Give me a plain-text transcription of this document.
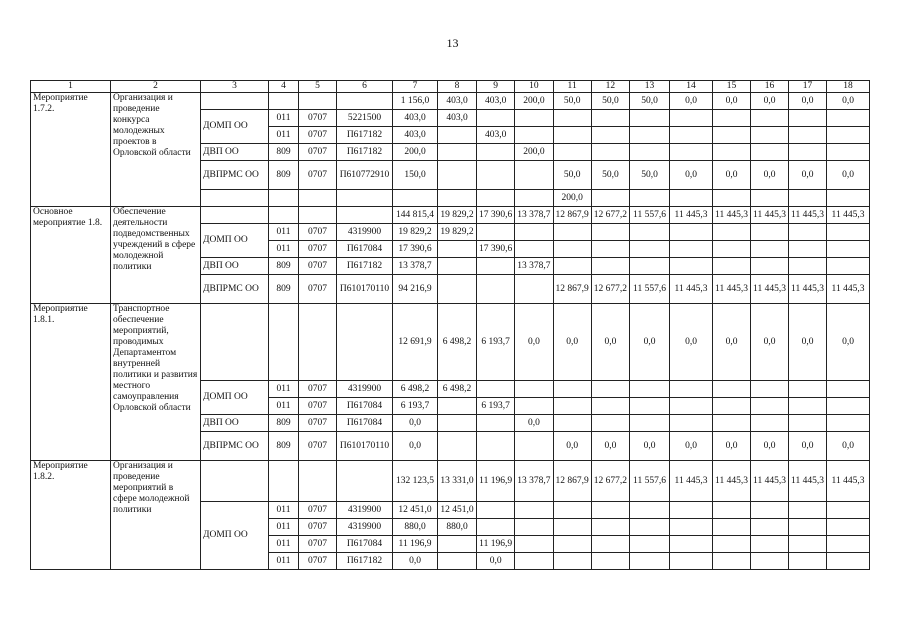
13
1	2	3	4	5	6	7	8	9	10	11	12	13	14	15	16	17	18
Мероприятие 1.7.2.	Организация и проведение конкурса молодежных проектов в Орловской области					1 156,0	403,0	403,0	200,0	50,0	50,0	50,0	0,0	0,0	0,0	0,0	0,0
		ДОМП ОО	011	0707	5221500	403,0	403,0										
			011	0707	П617182	403,0		403,0									
		ДВП ОО	809	0707	П617182	200,0			200,0								
		ДВПРМС ОО	809	0707	П610772910	150,0				50,0	50,0	50,0	0,0	0,0	0,0	0,0	0,0
										200,0							
Основное мероприятие 1.8.	Обеспечение деятельности подведомственных учреждений в сфере молодежной политики					144 815,4	19 829,2	17 390,6	13 378,7	12 867,9	12 677,2	11 557,6	11 445,3	11 445,3	11 445,3	11 445,3	11 445,3
		ДОМП ОО	011	0707	4319900	19 829,2	19 829,2										
			011	0707	П617084	17 390,6		17 390,6									
		ДВП ОО	809	0707	П617182	13 378,7			13 378,7								
		ДВПРМС ОО	809	0707	П610170110	94 216,9				12 867,9	12 677,2	11 557,6	11 445,3	11 445,3	11 445,3	11 445,3	11 445,3
Мероприятие 1.8.1.	Транспортное обеспечение мероприятий, проводимых Департаментом внутренней политики и развития местного самоуправления Орловской области					12 691,9	6 498,2	6 193,7	0,0	0,0	0,0	0,0	0,0	0,0	0,0	0,0	0,0
		ДОМП ОО	011	0707	4319900	6 498,2	6 498,2										
			011	0707	П617084	6 193,7		6 193,7									
		ДВП ОО	809	0707	П617084	0,0			0,0								
		ДВПРМС ОО	809	0707	П610170110	0,0				0,0	0,0	0,0	0,0	0,0	0,0	0,0	0,0
Мероприятие 1.8.2.	Организация и проведение мероприятий в сфере молодежной политики					132 123,5	13 331,0	11 196,9	13 378,7	12 867,9	12 677,2	11 557,6	11 445,3	11 445,3	11 445,3	11 445,3	11 445,3
		ДОМП ОО	011	0707	4319900	12 451,0	12 451,0										
			011	0707	4319900	880,0	880,0										
			011	0707	П617084	11 196,9		11 196,9									
			011	0707	П617182	0,0		0,0									
